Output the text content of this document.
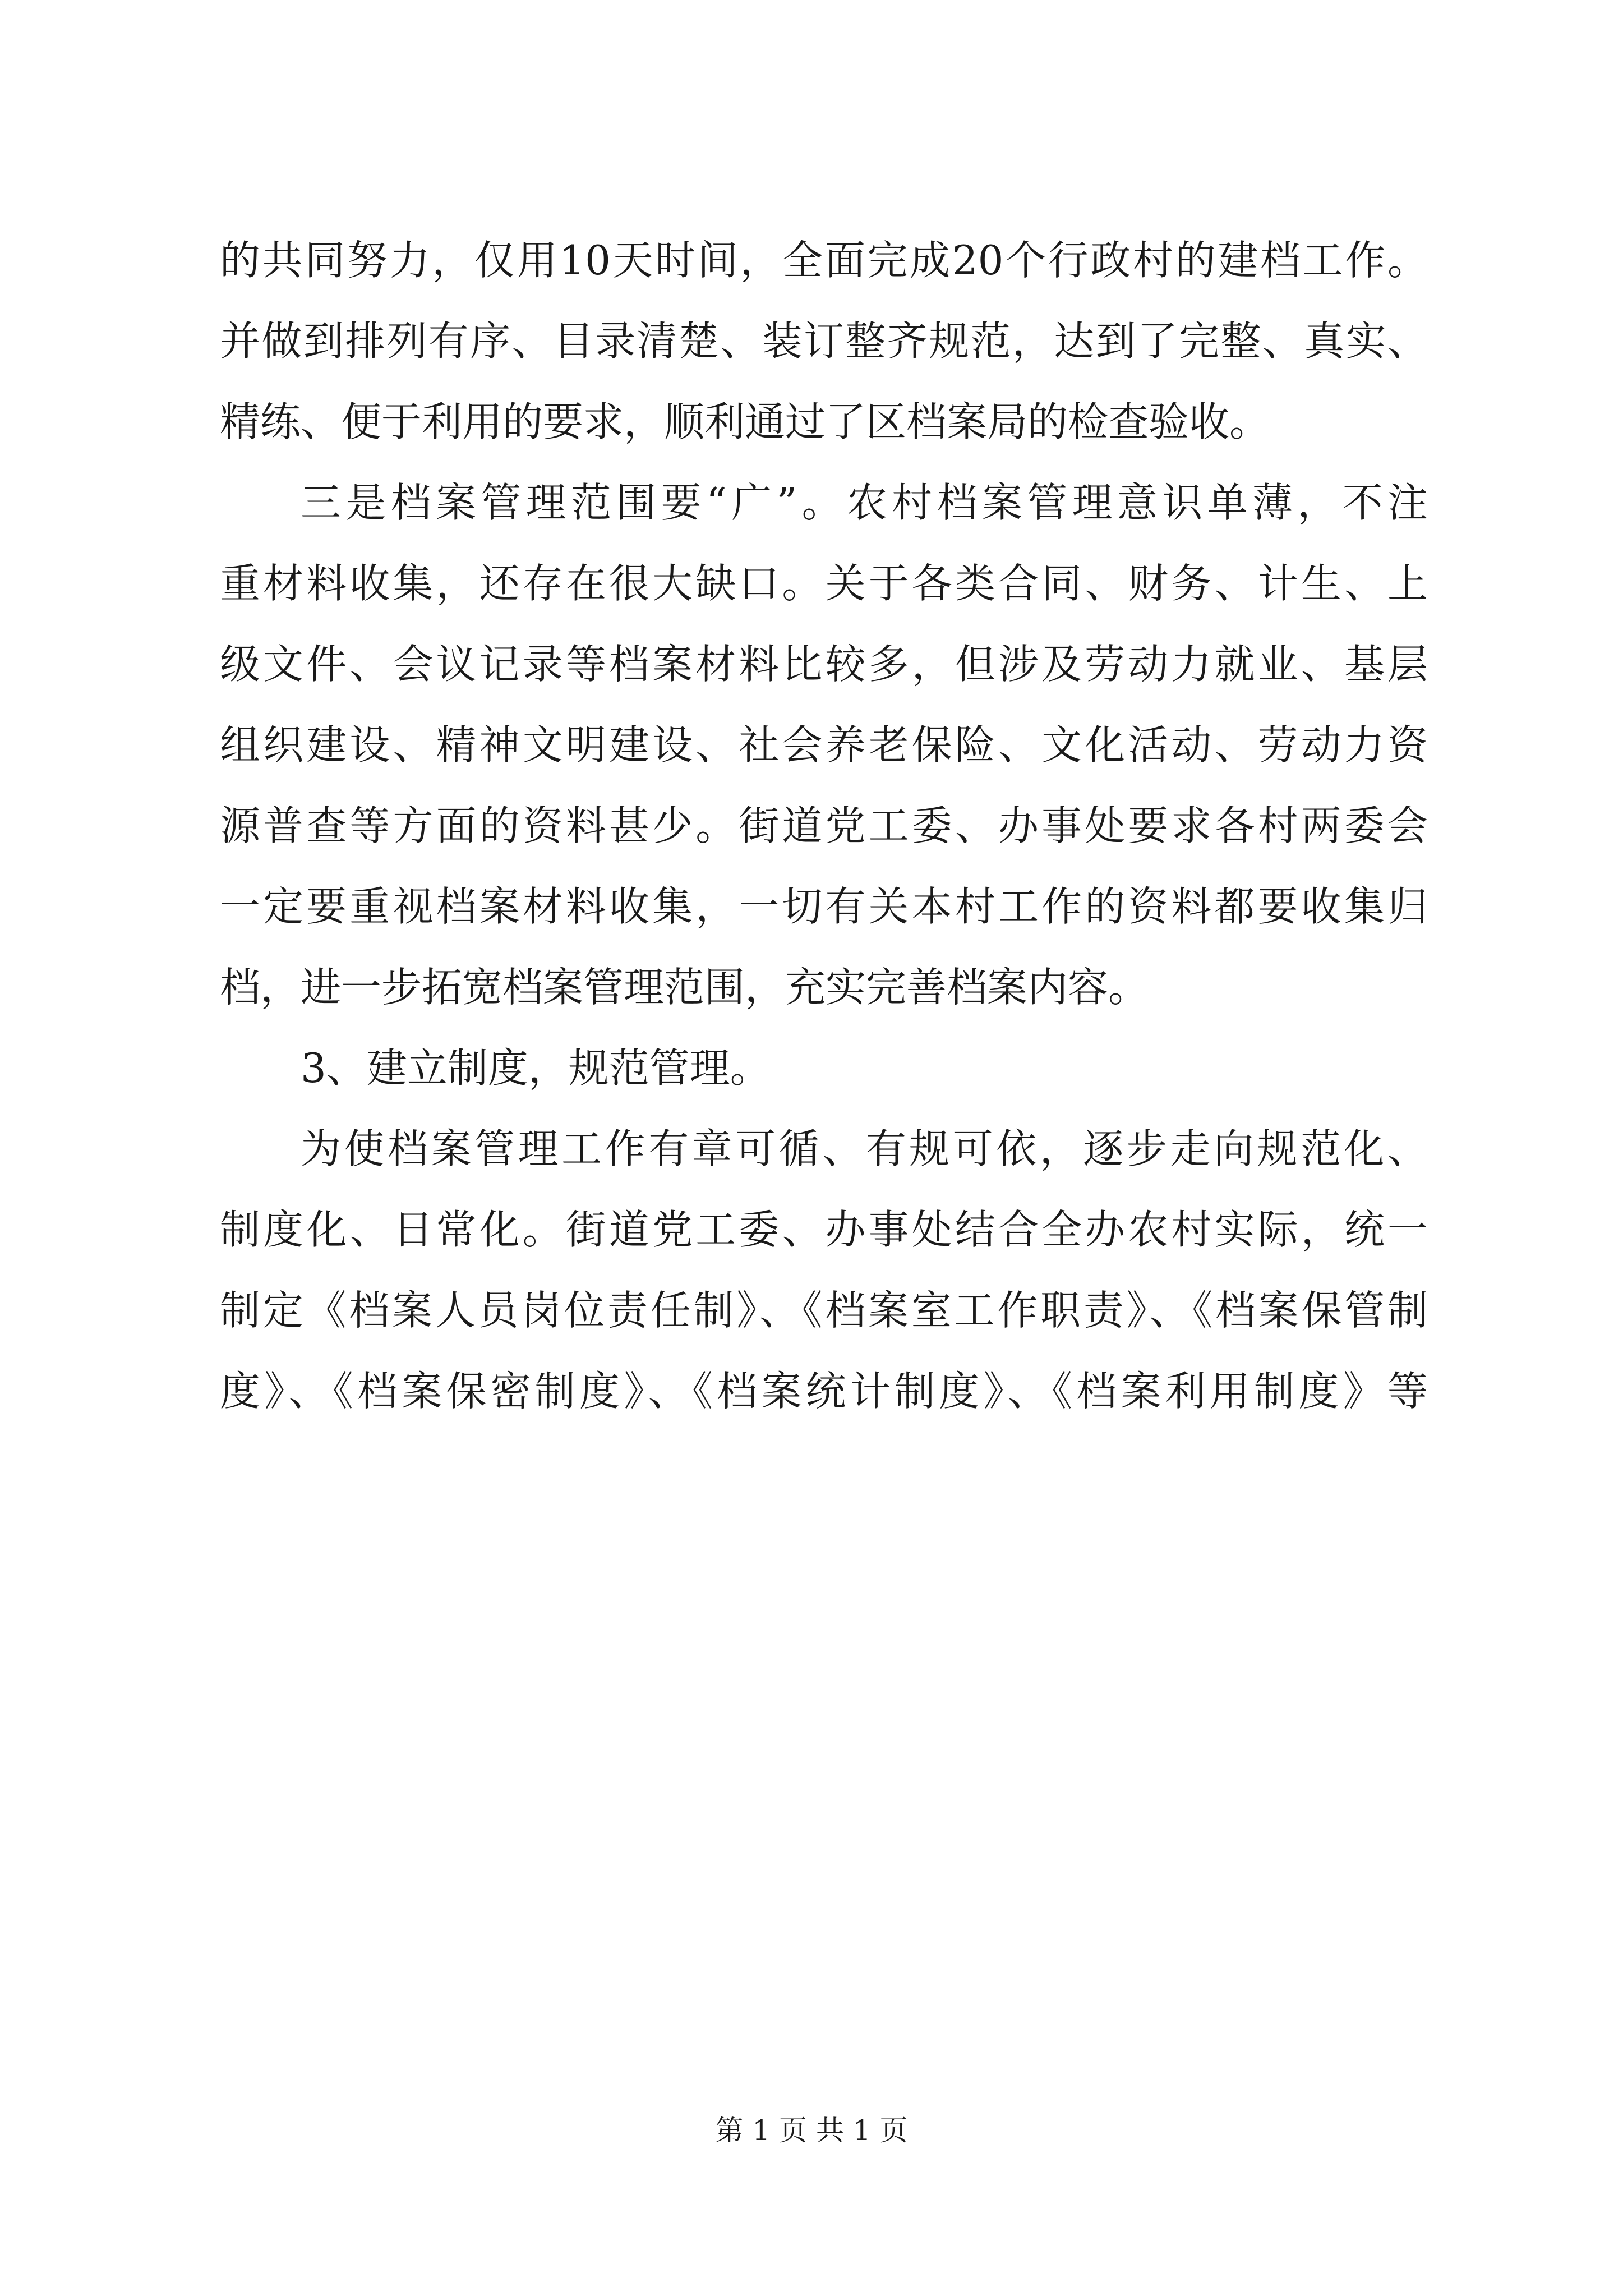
的共同努力，仅用10天时间，全面完成20个行政村的建档工作。
并做到排列有序、目录清楚、装订整齐规范，达到了完整、真实、
精练、便于利用的要求，顺利通过了区档案局的检查验收。
三是档案管理范围要“广”。农村档案管理意识单薄，不注
重材料收集，还存在很大缺口。关于各类合同、财务、计生、上
级文件、会议记录等档案材料比较多，但涉及劳动力就业、基层
组织建设、精神文明建设、社会养老保险、文化活动、劳动力资
源普查等方面的资料甚少。街道党工委、办事处要求各村两委会
一定要重视档案材料收集，一切有关本村工作的资料都要收集归
档，进一步拓宽档案管理范围，充实完善档案内容。
3、建立制度，规范管理。
为使档案管理工作有章可循、有规可依，逐步走向规范化、
制度化、日常化。街道党工委、办事处结合全办农村实际，统一
制定《档案人员岗位责任制》、《档案室工作职责》、《档案保管制
度》、《档案保密制度》、《档案统计制度》、《档案利用制度》等
第 1 页 共 1 页
